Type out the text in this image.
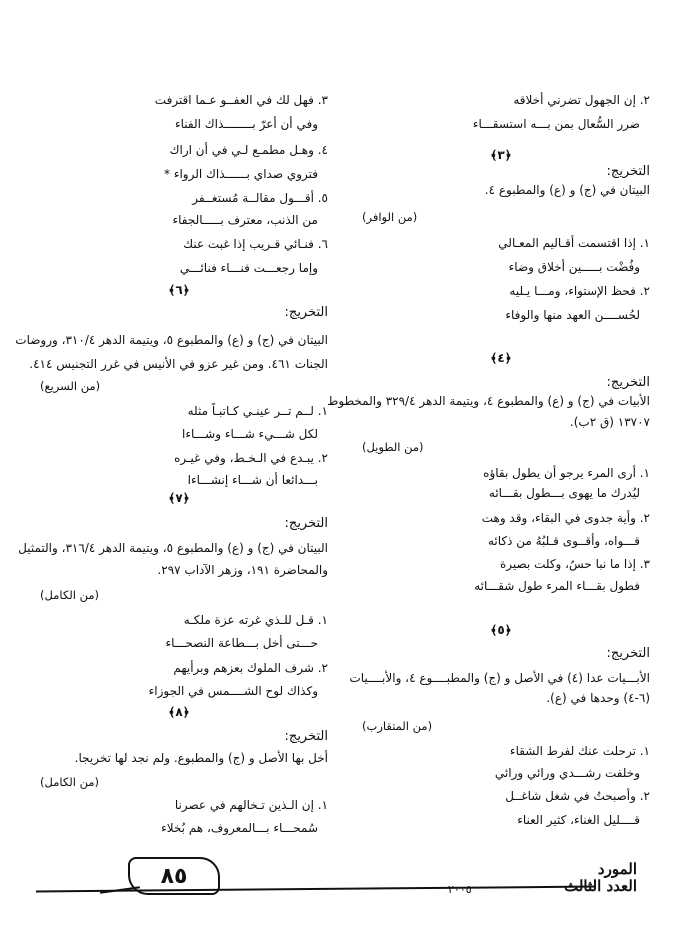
٢. إن الجهول تضرني أخلاقه
ضرر السُّعال بمن بـــه استسقـــاء
﴿٣﴾
التخريج:
البيتان في (ج) و (ع) والمطبوع ٤.
(من الوافر)
١. إذا اقتسمت أقـاليم المعـالي
وفُضْت بـــــين أخلاق وضاء
٢. فحظ الإستواء، ومـــا يـليه
لحُســــن العهد منها والوفاء
﴿٤﴾
التخريج:
الأبيات في (ج) و (ع) والمطبوع ٤، ويتيمة الدهر ٣٢٩/٤ والمخطوط
١٣٧٠٧ (ق ٢ب).
(من الطويل)
١. أرى المرء يرجو أن يطول بقاؤه
ليُدرك ما يهوى بـــطول بقـــائه
٢. وأية جدوى في البقاء، وقد وهت
قـــواه، وأقــوى قـلبُهُ من ذكائه
٣. إذا ما نبا حسٌ، وكلت بصيرة
فطول بقـــاء المرء طول شقـــائه
﴿٥﴾
التخريج:
الأبـــيات عدا (٤) في الأصل و (ج) والمطبــــوع ٤، والأبــــيات
(٦-٤) وحدها في (ع).
(من المتقارب)
١. ترحلت عنك لفرط الشقاء
وخلفت رشـــدي ورائي ورائي
٢. وأصبحتُ في شغل شاغــل
قــــليل الغناء، كثير العناء
٣. فهل لك في العفــو عـما اقترفت
وفي أن أعرّ بــــــــذاك الفناء
٤. وهـل مطمـع لـي في أن اراك
فتروي صداي بــــــذاك الرواء *
٥. أقـــول مقالــة مُستغــفر
من الذنب، معترف بـــــالجفاء
٦. فنـائي قـريب إذا غبت عنك
وإما رجعـــت فنـــاء فنائـــي
﴿٦﴾
التخريج:
البيتان في (ج) و (ع) والمطبوع ٥، ويتيمة الدهر ٣١٠/٤، وروضات
الجنات ٤٦١. ومن غير عزو في الأنيس في غرر التجنيس ٤١٤.
(من السريع)
١. لــم تــر عينـي كـاتبـاً مثله
لكل شـــيء شـــاء وشـــاءا
٢. يبـدع في الـخـط، وفي غيـره
بـــدائعا أن شـــاء إنشـــاءا
﴿٧﴾
التخريج:
البيتان في (ج) و (ع) والمطبوع ٥، ويتيمة الدهر ٣١٦/٤، والتمثيل
والمحاضرة ١٩١، وزهر الآداب ٢٩٧.
(من الكامل)
١. قـل للـذي غرته عزة ملكـه
حـــتى أخل بـــطاعة النصحـــاء
٢. شرف الملوك بعزهم وبرأيهم
وكذاك لوح الشــــمس في الجوزاء
﴿٨﴾
التخريج:
أخل بها الأصل و (ج) والمطبوع. ولم نجد لها تخريجا.
(من الكامل)
١. إن الـذين تـخالهم في عصرنا
سُمحـــاء بـــالمعروف، هم بُخلاء
٨٥	المورد
العدد الثالث
٢٠٠٥
